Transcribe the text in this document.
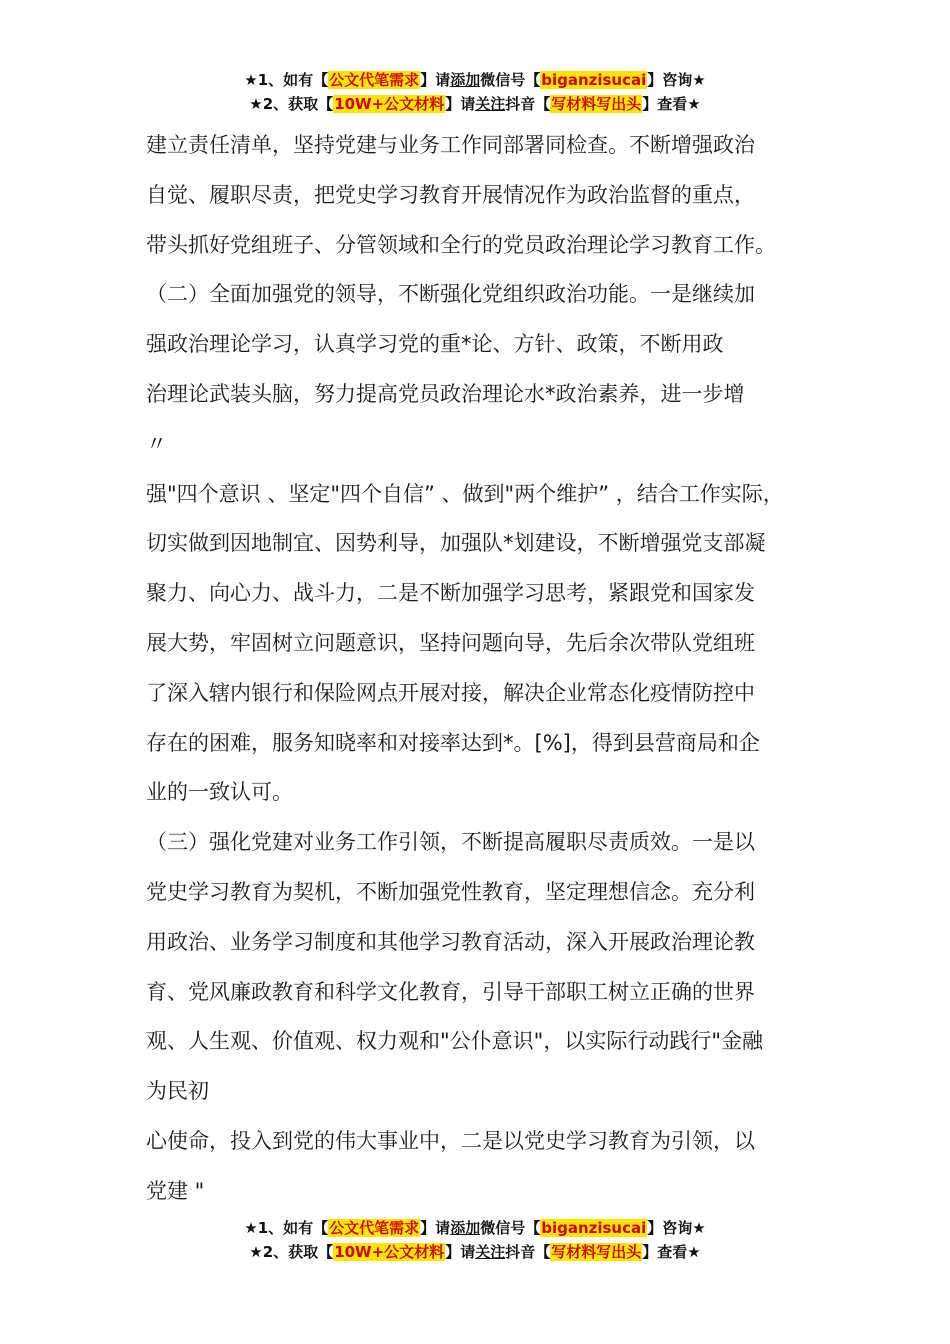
★1、如有【公文代笔需求】请添加微信号【biganzisucai】咨询★
★2、获取【10W+公文材料】请关注抖音【写材料写出头】查看★
建立责任清单，坚持党建与业务工作同部署同检查。不断增强政治
自觉、履职尽责，把党史学习教育开展情况作为政治监督的重点，
带头抓好党组班子、分管领域和全行的党员政治理论学习教育工作。
（二）全面加强党的领导，不断强化党组织政治功能。一是继续加
强政治理论学习，认真学习党的重*论、方针、政策，不断用政
治理论武装头脑，努力提高党员政治理论水*政治素养，进一步增
〃
强"四个意识 、坚定"四个自信” 、做到"两个维护” ，结合工作实际，
切实做到因地制宜、因势利导，加强队*划建设，不断增强党支部凝
聚力、向心力、战斗力，二是不断加强学习思考，紧跟党和国家发
展大势，牢固树立问题意识，坚持问题向导，先后余次带队党组班
了深入辖内银行和保险网点开展对接，解决企业常态化疫情防控中
存在的困难，服务知晓率和对接率达到*。[%]，得到县营商局和企
业的一致认可。
（三）强化党建对业务工作引领，不断提高履职尽责质效。一是以
党史学习教育为契机，不断加强党性教育，坚定理想信念。充分利
用政治、业务学习制度和其他学习教育活动，深入开展政治理论教
育、党风廉政教育和科学文化教育，引导干部职工树立正确的世界
观、人生观、价值观、权力观和"公仆意识"，以实际行动践行"金融
为民初
心使命，投入到党的伟大事业中，二是以党史学习教育为引领，以
党建 "
★1、如有【公文代笔需求】请添加微信号【biganzisucai】咨询★
★2、获取【10W+公文材料】请关注抖音【写材料写出头】查看★
